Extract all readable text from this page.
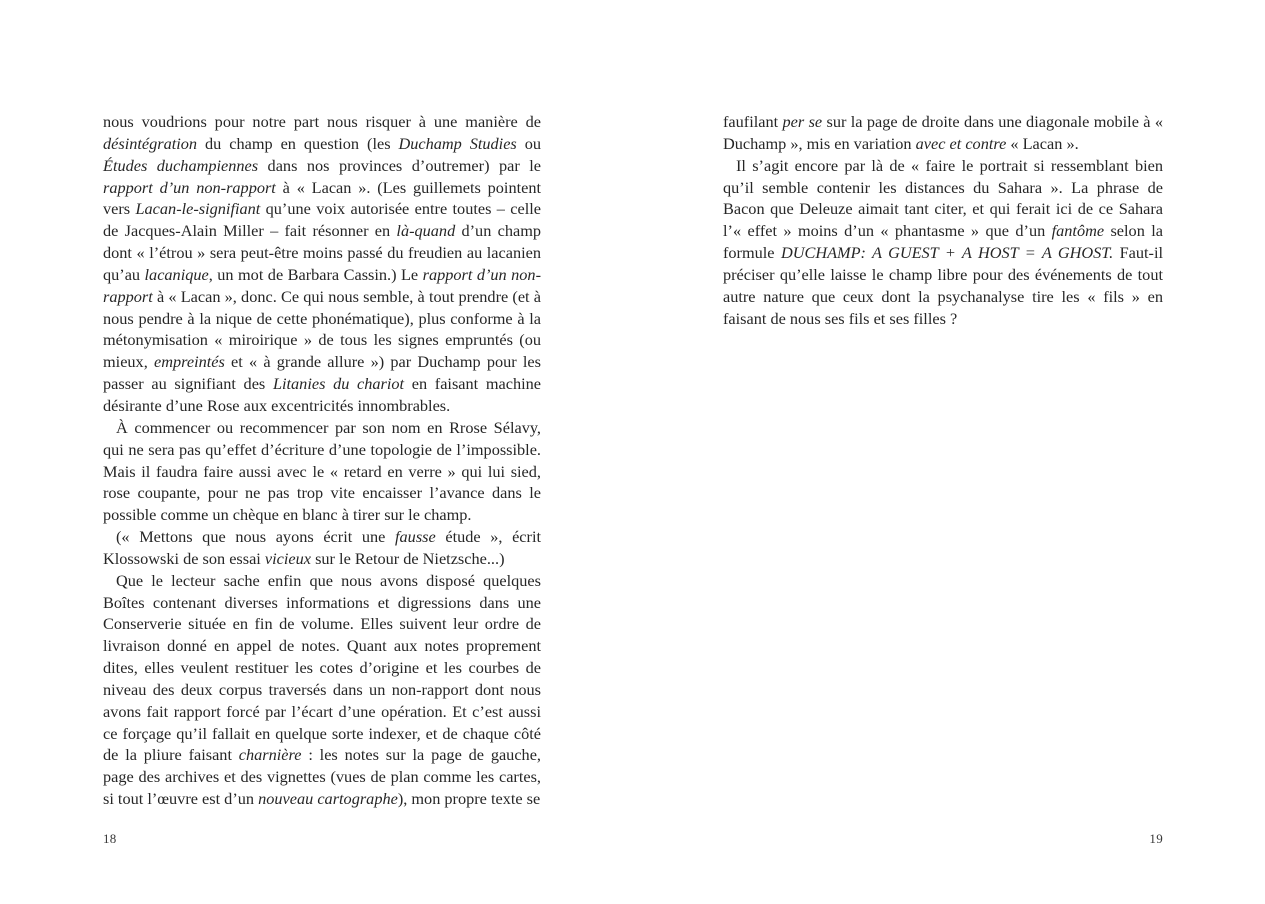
nous voudrions pour notre part nous risquer à une manière de désintégration du champ en question (les Duchamp Studies ou Études duchampiennes dans nos provinces d’outremer) par le rapport d’un non-rapport à « Lacan ». (Les guillemets pointent vers Lacan-le-signifiant qu’une voix autorisée entre toutes – celle de Jacques-Alain Miller – fait résonner en là-quand d’un champ dont « l’étrou » sera peut-être moins passé du freudien au lacanien qu’au lacanique, un mot de Barbara Cassin.) Le rapport d’un non-rapport à « Lacan », donc. Ce qui nous semble, à tout prendre (et à nous pendre à la nique de cette phonématique), plus conforme à la métonymisation « miroirique » de tous les signes empruntés (ou mieux, empreintés et « à grande allure ») par Duchamp pour les passer au signifiant des Litanies du chariot en faisant machine désirante d’une Rose aux excentricités innombrables.

À commencer ou recommencer par son nom en Rrose Sélavy, qui ne sera pas qu’effet d’écriture d’une topologie de l’impossible. Mais il faudra faire aussi avec le « retard en verre » qui lui sied, rose coupante, pour ne pas trop vite encaisser l’avance dans le possible comme un chèque en blanc à tirer sur le champ.

(« Mettons que nous ayons écrit une fausse étude », écrit Klossowski de son essai vicieux sur le Retour de Nietzsche...)

Que le lecteur sache enfin que nous avons disposé quelques Boîtes contenant diverses informations et digressions dans une Conserverie située en fin de volume. Elles suivent leur ordre de livraison donné en appel de notes. Quant aux notes proprement dites, elles veulent restituer les cotes d’origine et les courbes de niveau des deux corpus traversés dans un non-rapport dont nous avons fait rapport forcé par l’écart d’une opération. Et c’est aussi ce forçage qu’il fallait en quelque sorte indexer, et de chaque côté de la pliure faisant charnière : les notes sur la page de gauche, page des archives et des vignettes (vues de plan comme les cartes, si tout l’œuvre est d’un nouveau cartographe), mon propre texte se

18

faufilant per se sur la page de droite dans une diagonale mobile à « Duchamp », mis en variation avec et contre « Lacan ».

Il s’agit encore par là de « faire le portrait si ressemblant bien qu’il semble contenir les distances du Sahara ». La phrase de Bacon que Deleuze aimait tant citer, et qui ferait ici de ce Sahara l’« effet » moins d’un « phantasme » que d’un fantôme selon la formule DUCHAMP: A GUEST + A HOST = A GHOST. Faut-il préciser qu’elle laisse le champ libre pour des événements de tout autre nature que ceux dont la psychanalyse tire les « fils » en faisant de nous ses fils et ses filles ?

19
